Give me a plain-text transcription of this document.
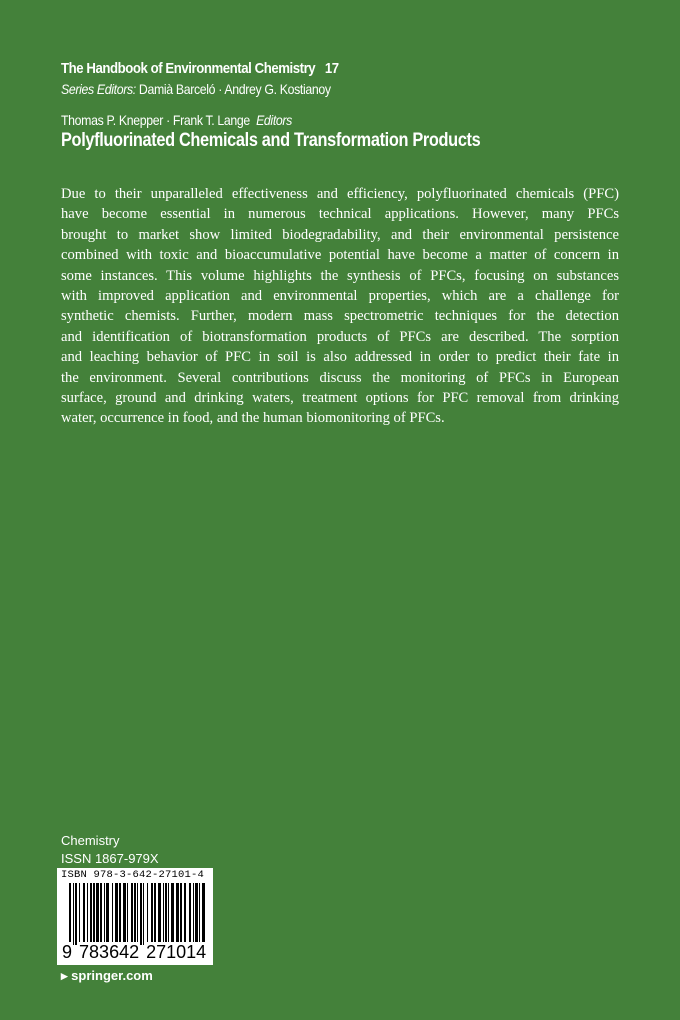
The Handbook of Environmental Chemistry 17
Series Editors: Damià Barceló · Andrey G. Kostianoy
Thomas P. Knepper · Frank T. Lange Editors
Polyfluorinated Chemicals and Transformation Products
Due to their unparalleled effectiveness and efficiency, polyfluorinated chemicals (PFC)
have become essential in numerous technical applications. However, many PFCs
brought to market show limited biodegradability, and their environmental persistence
combined with toxic and bioaccumulative potential have become a matter of concern in
some instances. This volume highlights the synthesis of PFCs, focusing on substances
with improved application and environmental properties, which are a challenge for
synthetic chemists. Further, modern mass spectrometric techniques for the detection
and identification of biotransformation products of PFCs are described. The sorption
and leaching behavior of PFC in soil is also addressed in order to predict their fate in
the environment. Several contributions discuss the monitoring of PFCs in European
surface, ground and drinking waters, treatment options for PFC removal from drinking
water, occurrence in food, and the human biomonitoring of PFCs.
Chemistry
ISSN 1867-979X
ISBN 978-3-642-27101-4
9 783642 271014
▸ springer.com
